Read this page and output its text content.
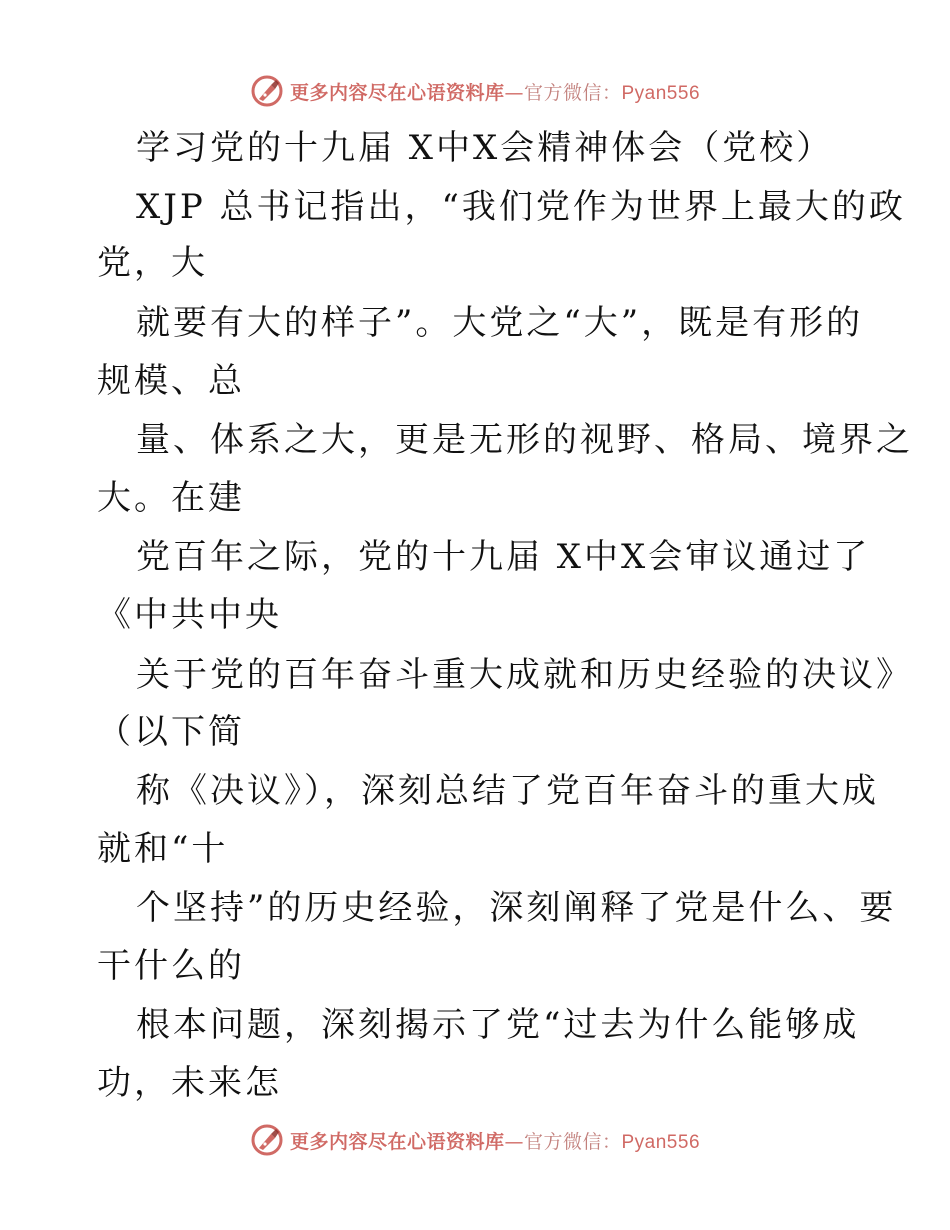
更多内容尽在心语资料库—官方微信：Pyan556
学习党的十九届 X中X会精神体会（党校）
XJP 总书记指出，“我们党作为世界上最大的政
党，大
就要有大的样子”。大党之“大”，既是有形的
规模、总
量、体系之大，更是无形的视野、格局、境界之
大。在建
党百年之际，党的十九届 X中X会审议通过了
《中共中央
关于党的百年奋斗重大成就和历史经验的决议》
（以下简
称《决议》），深刻总结了党百年奋斗的重大成
就和“十
个坚持”的历史经验，深刻阐释了党是什么、要
干什么的
根本问题，深刻揭示了党“过去为什么能够成
功，未来怎
更多内容尽在心语资料库—官方微信：Pyan556
